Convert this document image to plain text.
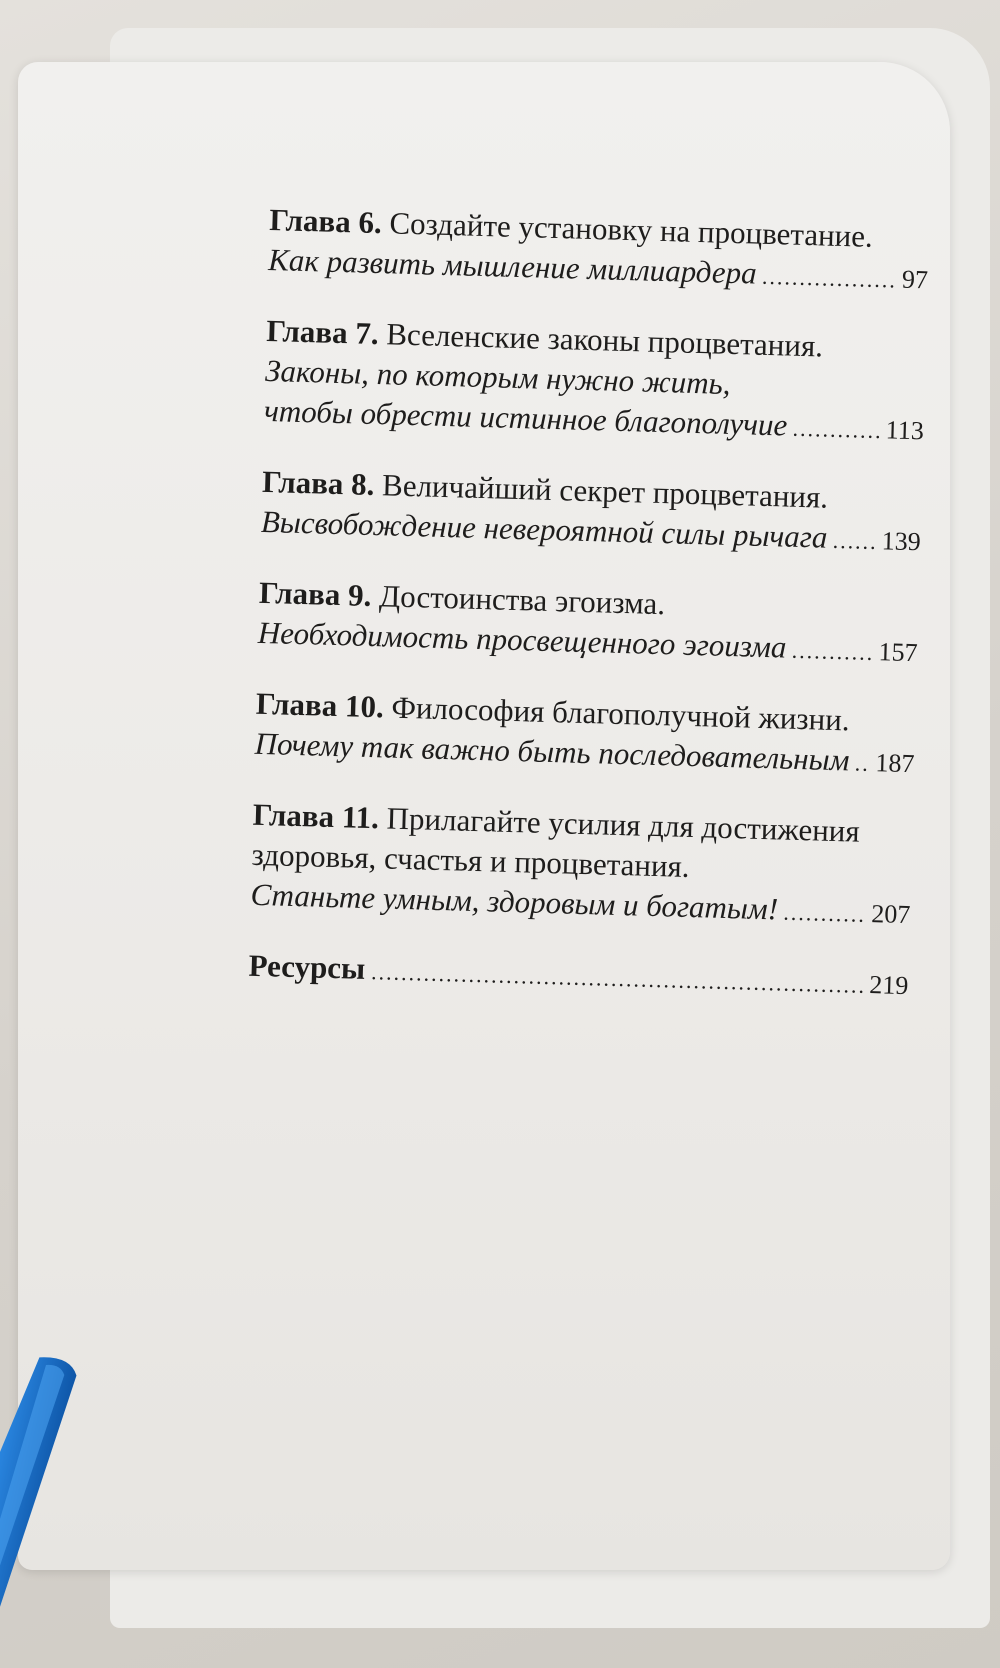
Глава 6. Создайте установку на процветание.
Как развить мышление миллиардера .....	97
Глава 7. Вселенские законы процветания.
Законы, по которым нужно жить,
чтобы обрести истинное благополучие .....	113
Глава 8. Величайший секрет процветания.
Высвобождение невероятной силы рычага ..... 139
Глава 9. Достоинства эгоизма.
Необходимость просвещенного эгоизма .....	157
Глава 10. Философия благополучной жизни.
Почему так важно быть последовательным ..... 187
Глава 11. Прилагайте усилия для достижения
здоровья, счастья и процветания.
Станьте умным, здоровым и богатым! .....	207
Ресурсы .....	219
